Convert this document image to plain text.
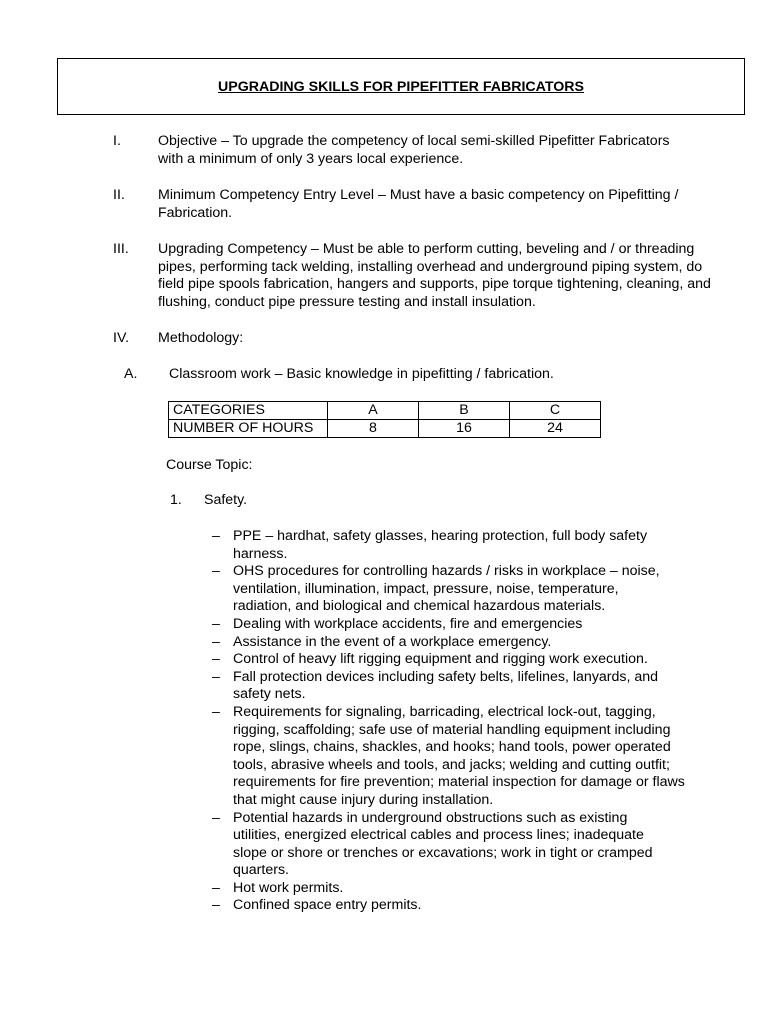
UPGRADING SKILLS FOR PIPEFITTER FABRICATORS
I.	Objective – To upgrade the competency of local semi-skilled Pipefitter Fabricators
with a minimum of only 3 years local experience.
II. Minimum Competency Entry Level – Must have a basic competency on Pipefitting /
Fabrication.
III. Upgrading Competency – Must be able to perform cutting, beveling and / or threading
pipes, performing tack welding, installing overhead and underground piping system, do
field pipe spools fabrication, hangers and supports, pipe torque tightening, cleaning, and
flushing, conduct pipe pressure testing and install insulation.
IV. Methodology:
A. Classroom work – Basic knowledge in pipefitting / fabrication.
CATEGORIES	A	B	C
NUMBER OF HOURS	8	16	24
Course Topic:
1. Safety.
– PPE – hardhat, safety glasses, hearing protection, full body safety
harness.
– OHS procedures for controlling hazards / risks in workplace – noise,
ventilation, illumination, impact, pressure, noise, temperature,
radiation, and biological and chemical hazardous materials.
– Dealing with workplace accidents, fire and emergencies
– Assistance in the event of a workplace emergency.
– Control of heavy lift rigging equipment and rigging work execution.
– Fall protection devices including safety belts, lifelines, lanyards, and
safety nets.
– Requirements for signaling, barricading, electrical lock-out, tagging,
rigging, scaffolding; safe use of material handling equipment including
rope, slings, chains, shackles, and hooks; hand tools, power operated
tools, abrasive wheels and tools, and jacks; welding and cutting outfit;
requirements for fire prevention; material inspection for damage or flaws
that might cause injury during installation.
– Potential hazards in underground obstructions such as existing
utilities, energized electrical cables and process lines; inadequate
slope or shore or trenches or excavations; work in tight or cramped
quarters.
– Hot work permits.
– Confined space entry permits.
